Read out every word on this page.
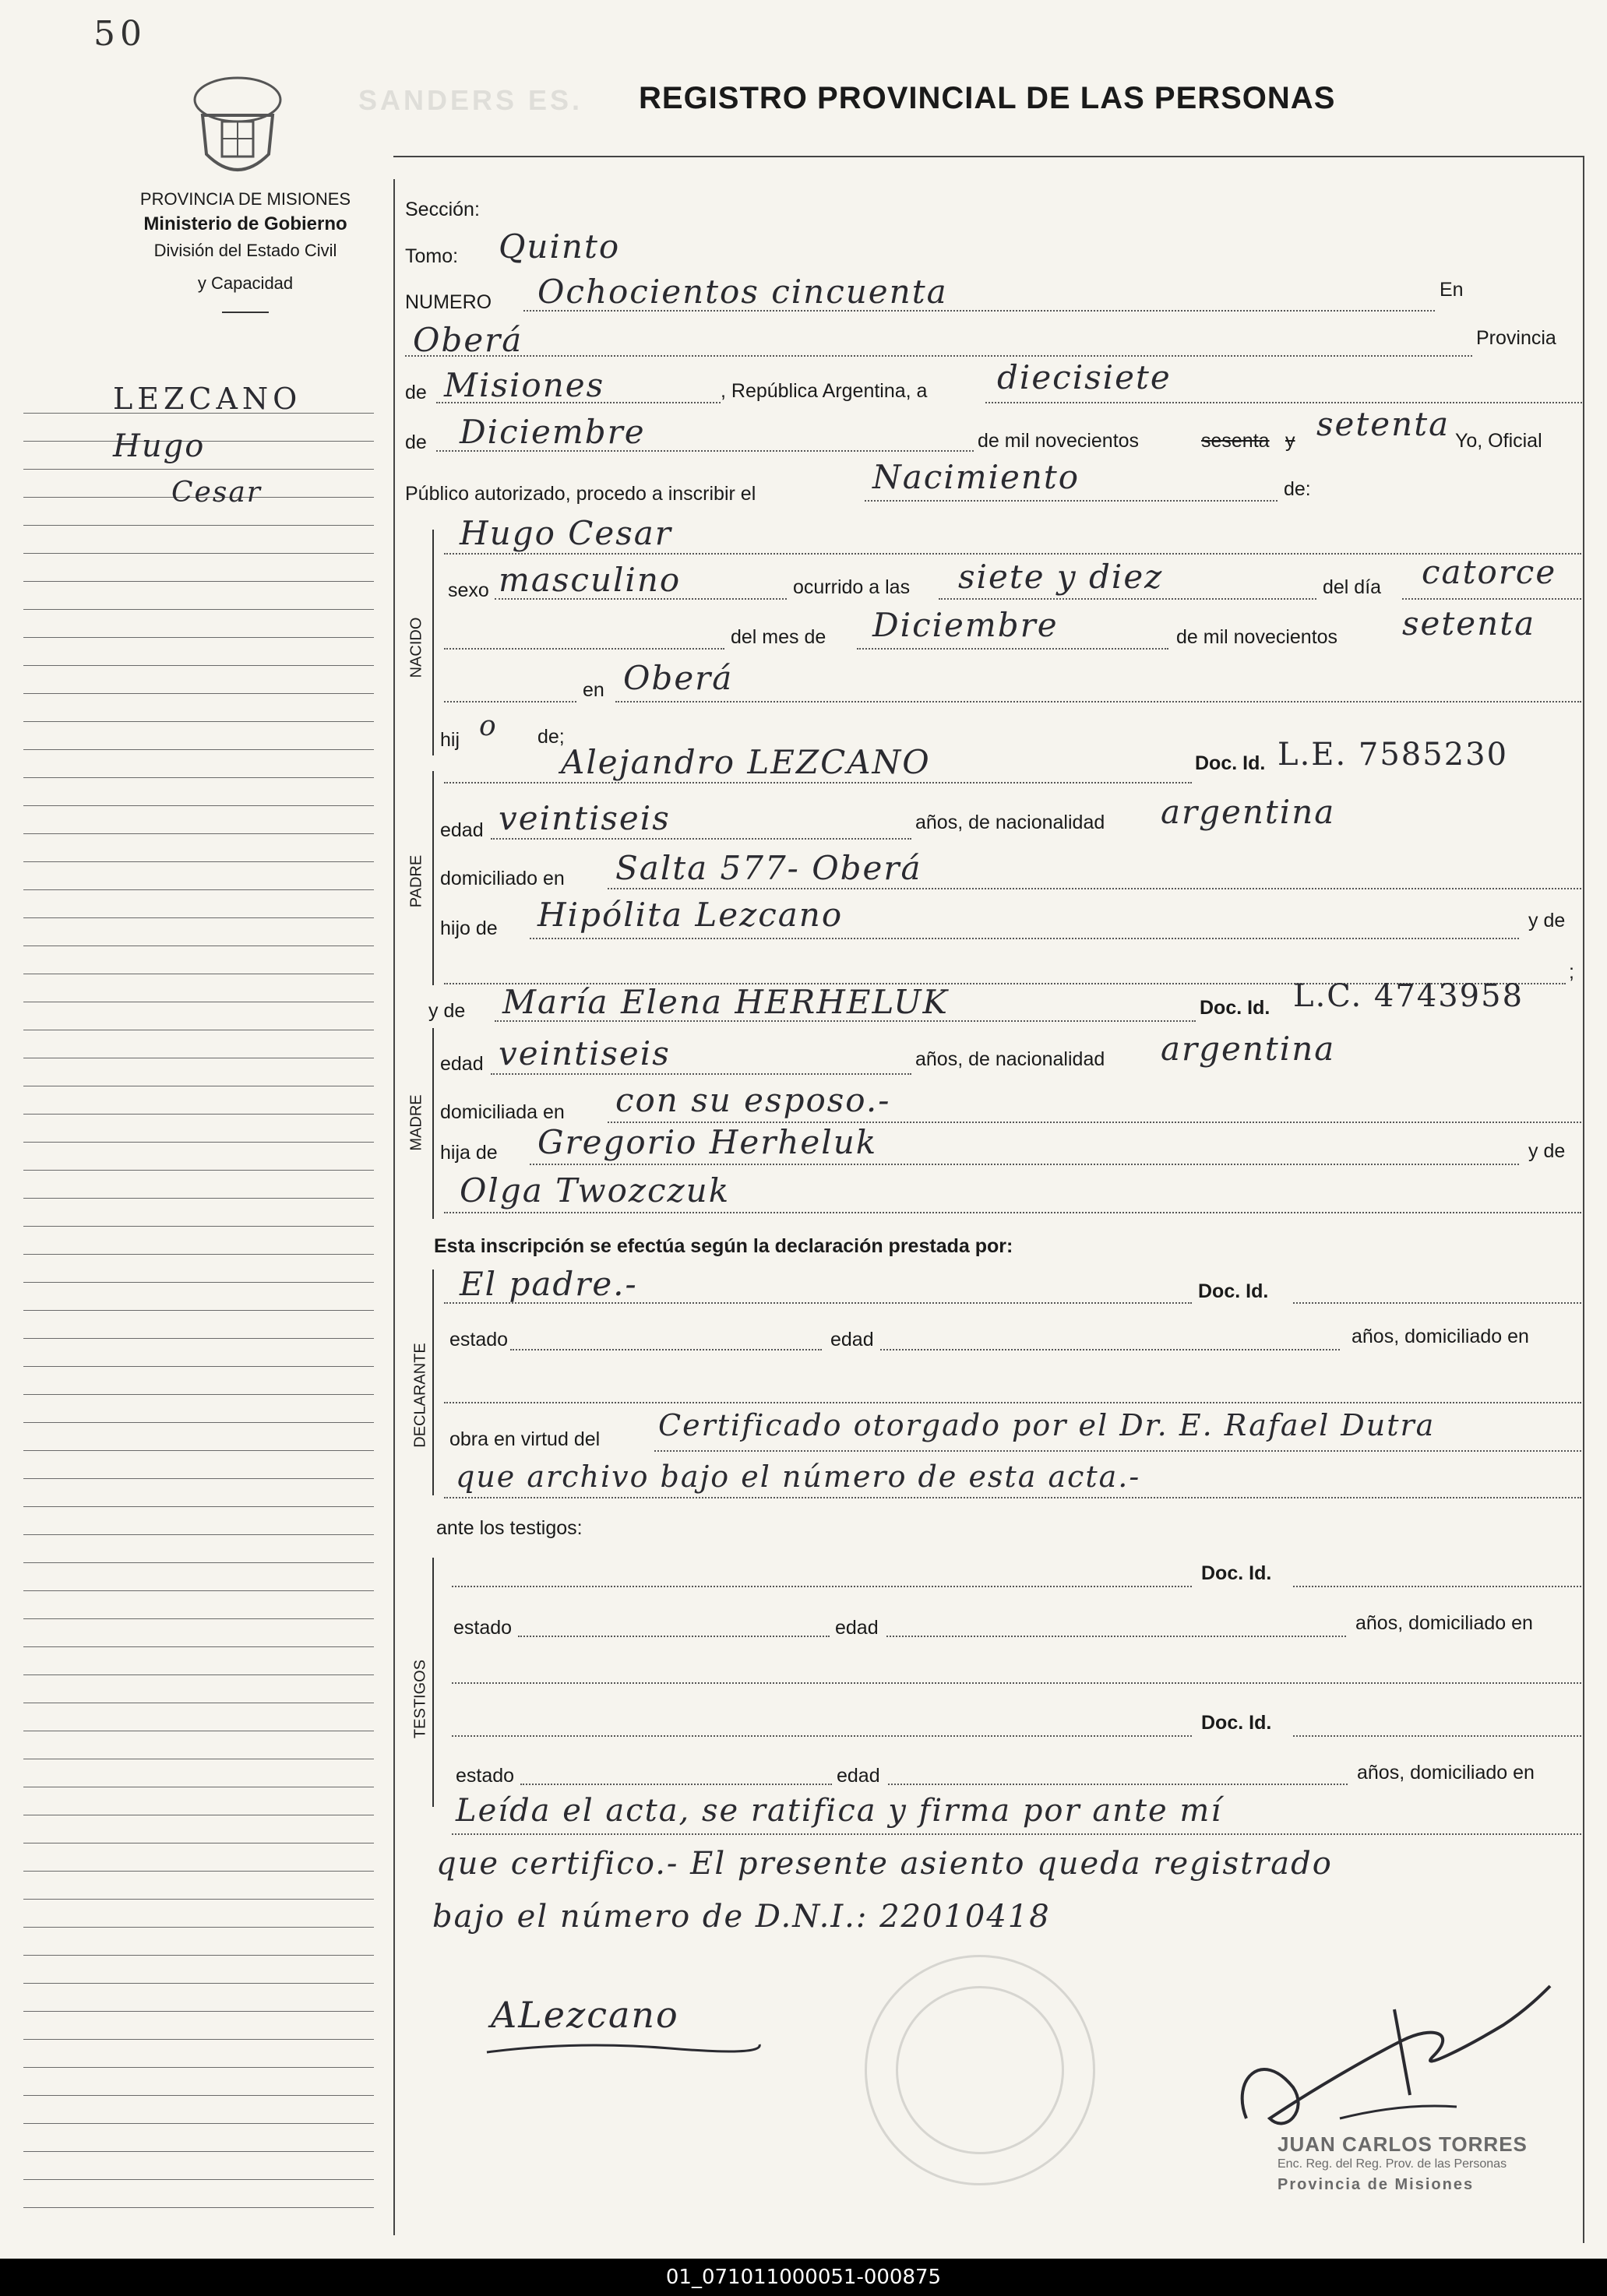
50
SANDERS ES. REGISTRO PROVINCIAL DE LAS PERSONAS
PROVINCIA DE MISIONES
Ministerio de Gobierno
División del Estado Civil
y Capacidad
LEZCANO
Hugo
Cesar
Sección:
Tomo: Quinto
NUMERO Ochocientos cincuenta	En
Oberá	Provincia
de Misiones	, República Argentina, a diecisiete
de Diciembre	de mil novecientos	sesenta y setenta Yo, Oficial
Público autorizado, procedo a inscribir el	Nacimiento	de:
NACIDO
Hugo Cesar
sexo masculino	ocurrido a las siete y diez	del día catorce
del mes de Diciembre	de mil novecientos setenta
en Oberá
hij o de;
PADRE
Alejandro LEZCANO	Doc. Id. L.E. 7585230
edad veintiseis	años, de nacionalidad argentina
domiciliado en Salta 577- Oberá
hijo de Hipólita Lezcano	y de
;
y de María Elena HERHELUK	Doc. Id. L.C. 4743958
MADRE
edad veintiseis	años, de nacionalidad argentina
domiciliada en con su esposo.-
hija de Gregorio Herheluk	y de
Olga Twozczuk
Esta inscripción se efectúa según la declaración prestada por:
DECLARANTE
El padre.-	Doc. Id.
estado	edad	años, domiciliado en
obra en virtud del Certificado otorgado por el Dr. E. Rafael Dutra
que archivo bajo el número de esta acta.-
ante los testigos:
TESTIGOS
Doc. Id.
estado	edad	años, domiciliado en
Doc. Id.
estado	edad	años, domiciliado en
Leída el acta, se ratifica y firma por ante mí
que certifico.- El presente asiento queda registrado
bajo el número de D.N.I.: 22010418
ALezcano
JUAN CARLOS TORRES
Enc. Reg. del Reg. Prov. de las Personas
Provincia de Misiones
01_071011000051-000875
